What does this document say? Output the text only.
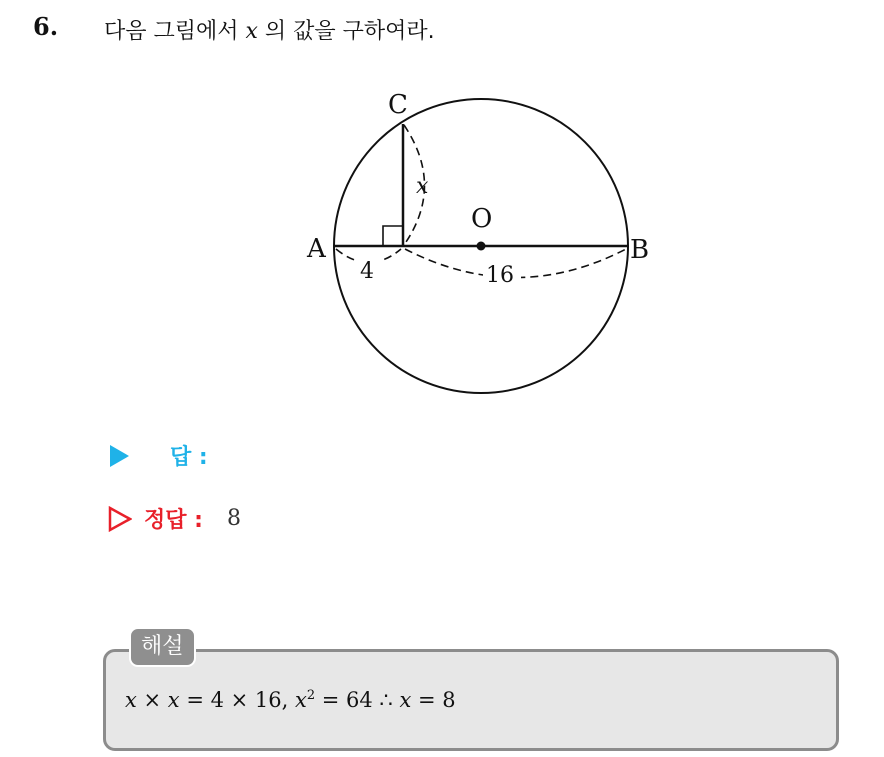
6. 다음 그림에서 x 의 값을 구하여라.
A	B
C
O
x
4	16
답 :
정답 : 8
해설
x × x = 4 × 16, $x^2 = 64$ ∴ x = 8
